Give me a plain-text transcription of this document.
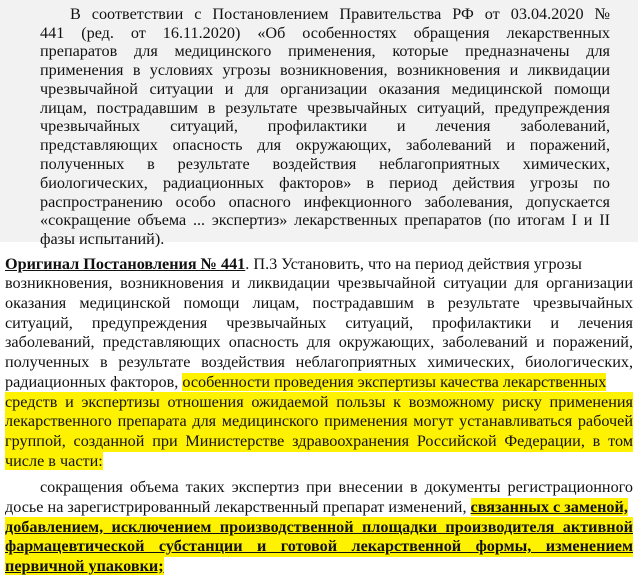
В соответствии с Постановлением Правительства РФ от 03.04.2020 №
441 (ред. от 16.11.2020) «Об особенностях обращения лекарственных
препаратов для медицинского применения, которые предназначены для
применения в условиях угрозы возникновения, возникновения и ликвидации
чрезвычайной ситуации и для организации оказания медицинской помощи
лицам, пострадавшим в результате чрезвычайных ситуаций, предупреждения
чрезвычайных ситуаций, профилактики и лечения заболеваний,
представляющих опасность для окружающих, заболеваний и поражений,
полученных в результате воздействия неблагоприятных химических,
биологических, радиационных факторов» в период действия угрозы по
распространению особо опасного инфекционного заболевания, допускается
«сокращение объема ... экспертиз» лекарственных препаратов (по итогам I и II
фазы испытаний).
Оригинал Постановления № 441. П.3 Установить, что на период действия угрозы
возникновения, возникновения и ликвидации чрезвычайной ситуации для организации
оказания медицинской помощи лицам, пострадавшим в результате чрезвычайных
ситуаций, предупреждения чрезвычайных ситуаций, профилактики и лечения
заболеваний, представляющих опасность для окружающих, заболеваний и поражений,
полученных в результате воздействия неблагоприятных химических, биологических,
радиационных факторов, особенности проведения экспертизы качества лекарственных
средств и экспертизы отношения ожидаемой пользы к возможному риску применения
лекарственного препарата для медицинского применения могут устанавливаться рабочей
группой, созданной при Министерстве здравоохранения Российской Федерации, в том
числе в части:
сокращения объема таких экспертиз при внесении в документы регистрационного
досье на зарегистрированный лекарственный препарат изменений, связанных с заменой,
добавлением, исключением производственной площадки производителя активной
фармацевтической субстанции и готовой лекарственной формы, изменением
первичной упаковки;
